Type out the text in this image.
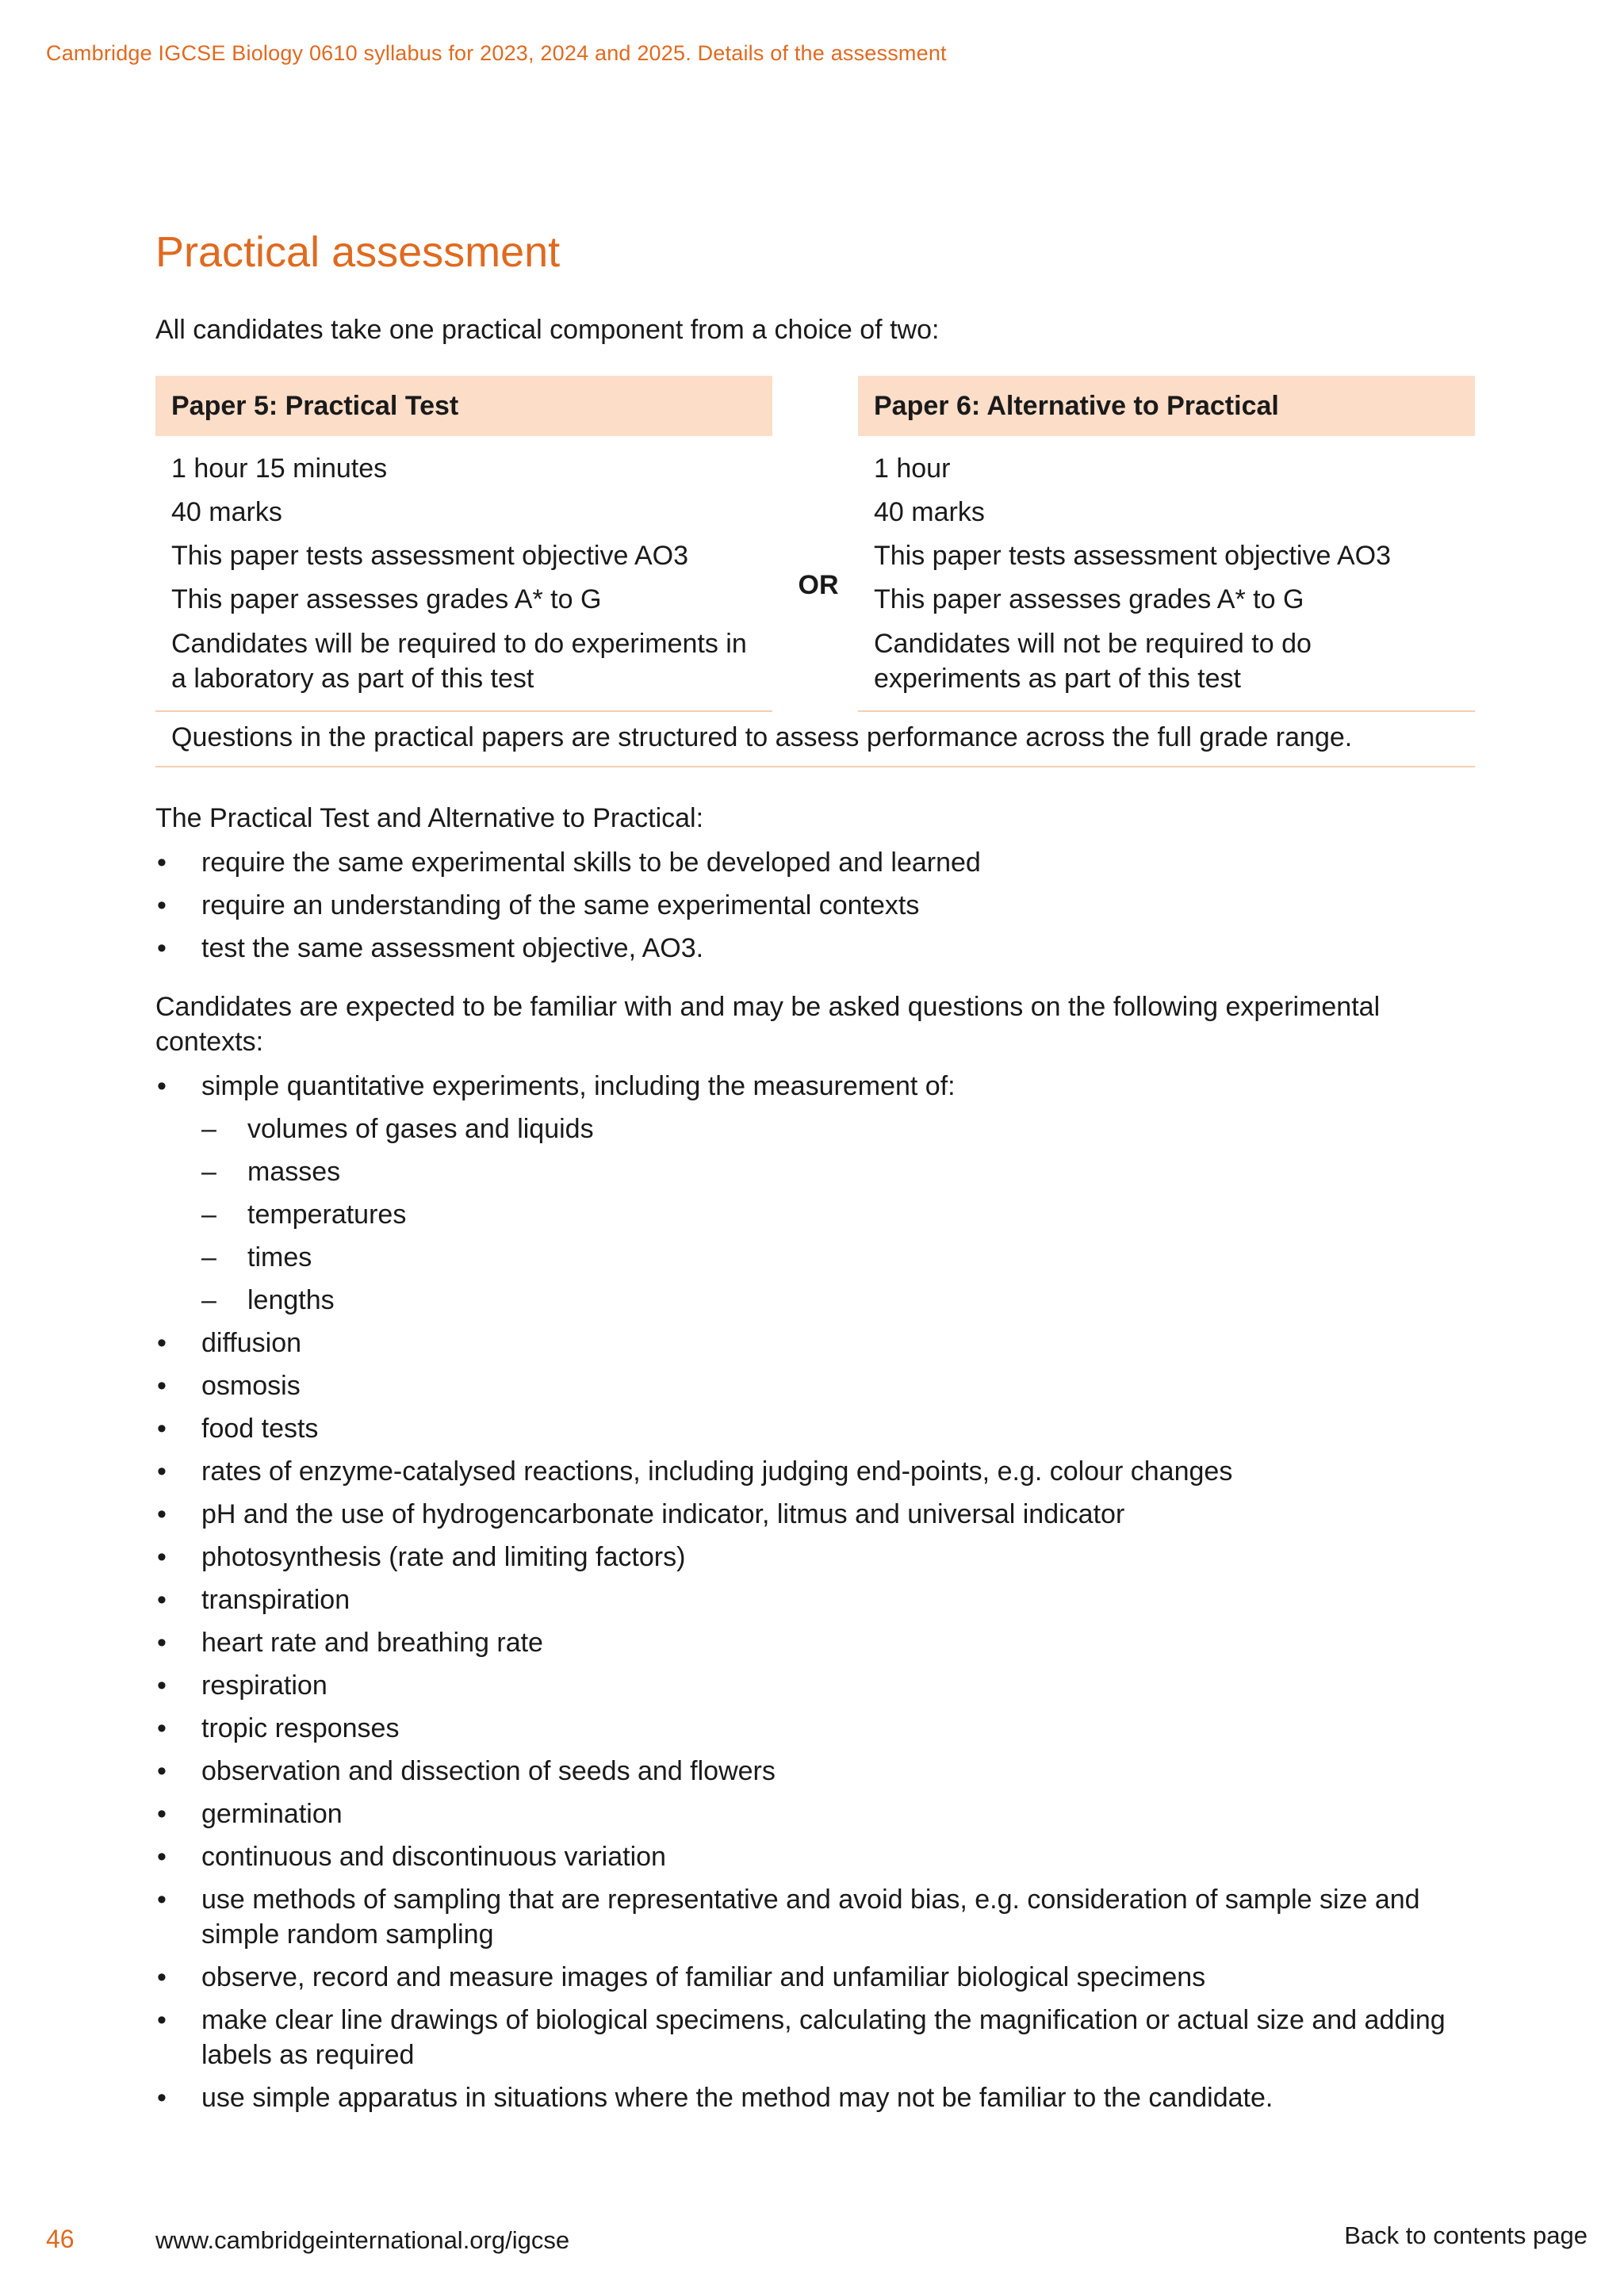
Cambridge IGCSE Biology 0610 syllabus for 2023, 2024 and 2025. Details of the assessment
Practical assessment
All candidates take one practical component from a choice of two:
Paper 5: Practical Test
1 hour 15 minutes
40 marks
This paper tests assessment objective AO3
This paper assesses grades A* to G
Candidates will be required to do experiments in a laboratory as part of this test
OR
Paper 6: Alternative to Practical
1 hour
40 marks
This paper tests assessment objective AO3
This paper assesses grades A* to G
Candidates will not be required to do experiments as part of this test
Questions in the practical papers are structured to assess performance across the full grade range.
The Practical Test and Alternative to Practical:
• require the same experimental skills to be developed and learned
• require an understanding of the same experimental contexts
• test the same assessment objective, AO3.
Candidates are expected to be familiar with and may be asked questions on the following experimental contexts:
• simple quantitative experiments, including the measurement of:
– volumes of gases and liquids
– masses
– temperatures
– times
– lengths
• diffusion
• osmosis
• food tests
• rates of enzyme-catalysed reactions, including judging end-points, e.g. colour changes
• pH and the use of hydrogencarbonate indicator, litmus and universal indicator
• photosynthesis (rate and limiting factors)
• transpiration
• heart rate and breathing rate
• respiration
• tropic responses
• observation and dissection of seeds and flowers
• germination
• continuous and discontinuous variation
• use methods of sampling that are representative and avoid bias, e.g. consideration of sample size and simple random sampling
• observe, record and measure images of familiar and unfamiliar biological specimens
• make clear line drawings of biological specimens, calculating the magnification or actual size and adding labels as required
• use simple apparatus in situations where the method may not be familiar to the candidate.
46	www.cambridgeinternational.org/igcse	Back to contents page
